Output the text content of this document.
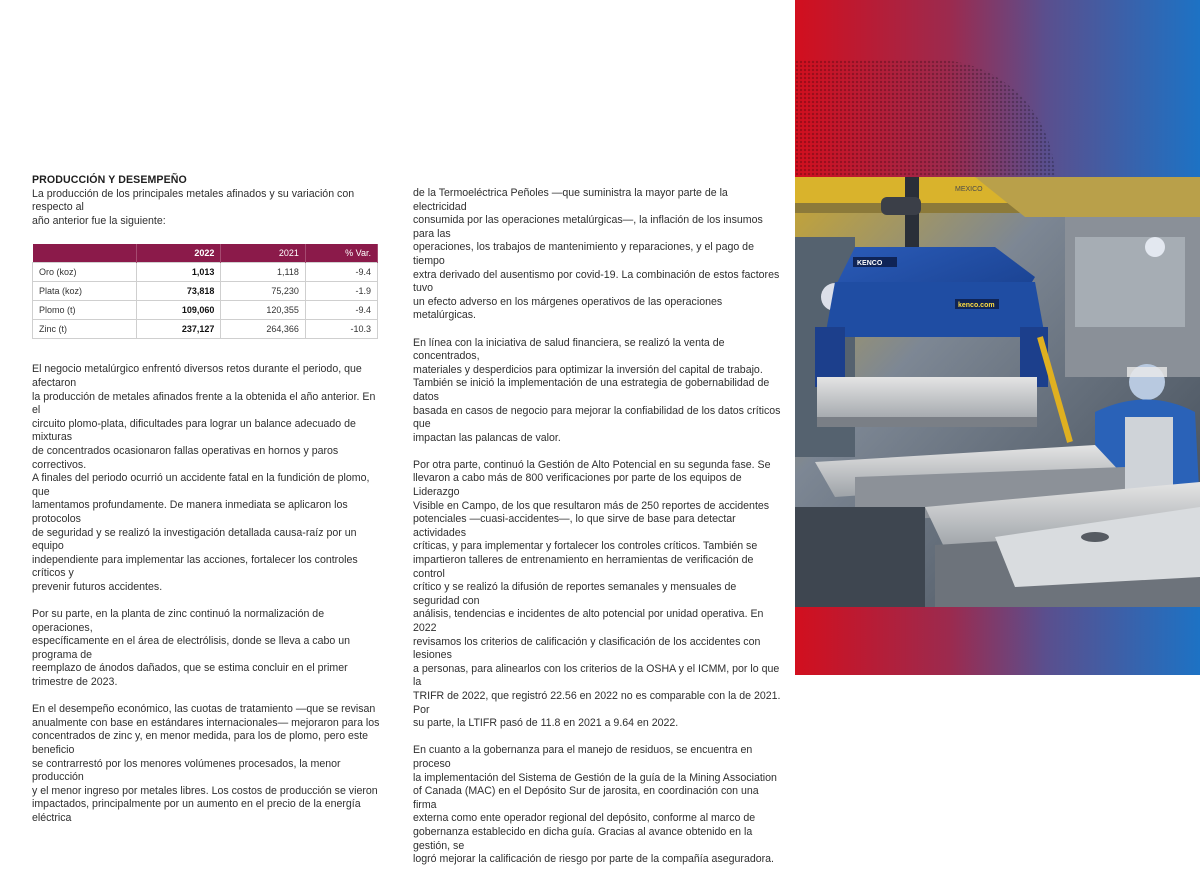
PRODUCCIÓN Y DESEMPEÑO
La producción de los principales metales afinados y su variación con respecto al
año anterior fue la siguiente:
	2022	2021	% Var.
Oro (koz)	1,013	1,118	-9.4
Plata (koz)	73,818	75,230	-1.9
Plomo (t)	109,060	120,355	-9.4
Zinc (t)	237,127	264,366	-10.3

El negocio metalúrgico enfrentó diversos retos durante el periodo, que afectaron
la producción de metales afinados frente a la obtenida el año anterior. En el
circuito plomo-plata, dificultades para lograr un balance adecuado de mixturas
de concentrados ocasionaron fallas operativas en hornos y paros correctivos.
A finales del periodo ocurrió un accidente fatal en la fundición de plomo, que
lamentamos profundamente. De manera inmediata se aplicaron los protocolos
de seguridad y se realizó la investigación detallada causa-raíz por un equipo
independiente para implementar las acciones, fortalecer los controles críticos y
prevenir futuros accidentes.

Por su parte, en la planta de zinc continuó la normalización de operaciones,
específicamente en el área de electrólisis, donde se lleva a cabo un programa de
reemplazo de ánodos dañados, que se estima concluir en el primer trimestre de 2023.

En el desempeño económico, las cuotas de tratamiento —que se revisan
anualmente con base en estándares internacionales— mejoraron para los
concentrados de zinc y, en menor medida, para los de plomo, pero este beneficio
se contrarrestó por los menores volúmenes procesados, la menor producción
y el menor ingreso por metales libres. Los costos de producción se vieron
impactados, principalmente por un aumento en el precio de la energía eléctrica

de la Termoeléctrica Peñoles —que suministra la mayor parte de la electricidad
consumida por las operaciones metalúrgicas—, la inflación de los insumos para las
operaciones, los trabajos de mantenimiento y reparaciones, y el pago de tiempo
extra derivado del ausentismo por covid-19. La combinación de estos factores tuvo
un efecto adverso en los márgenes operativos de las operaciones metalúrgicas.

En línea con la iniciativa de salud financiera, se realizó la venta de concentrados,
materiales y desperdicios para optimizar la inversión del capital de trabajo.
También se inició la implementación de una estrategia de gobernabilidad de datos
basada en casos de negocio para mejorar la confiabilidad de los datos críticos que
impactan las palancas de valor.

Por otra parte, continuó la Gestión de Alto Potencial en su segunda fase. Se
llevaron a cabo más de 800 verificaciones por parte de los equipos de Liderazgo
Visible en Campo, de los que resultaron más de 250 reportes de accidentes
potenciales —cuasi-accidentes—, lo que sirve de base para detectar actividades
críticas, y para implementar y fortalecer los controles críticos. También se
impartieron talleres de entrenamiento en herramientas de verificación de control
crítico y se realizó la difusión de reportes semanales y mensuales de seguridad con
análisis, tendencias e incidentes de alto potencial por unidad operativa. En 2022
revisamos los criterios de calificación y clasificación de los accidentes con lesiones
a personas, para alinearlos con los criterios de la OSHA y el ICMM, por lo que la
TRIFR de 2022, que registró 22.56 en 2022 no es comparable con la de 2021. Por
su parte, la LTIFR pasó de 11.8 en 2021 a 9.64 en 2022.

En cuanto a la gobernanza para el manejo de residuos, se encuentra en proceso
la implementación del Sistema de Gestión de la guía de la Mining Association
of Canada (MAC) en el Depósito Sur de jarosita, en coordinación con una firma
externa como ente operador regional del depósito, conforme al marco de
gobernanza establecido en dicha guía. Gracias al avance obtenido en la gestión, se
logró mejorar la calificación de riesgo por parte de la compañía aseguradora.

MEXICO
KENCO
kenco.com
